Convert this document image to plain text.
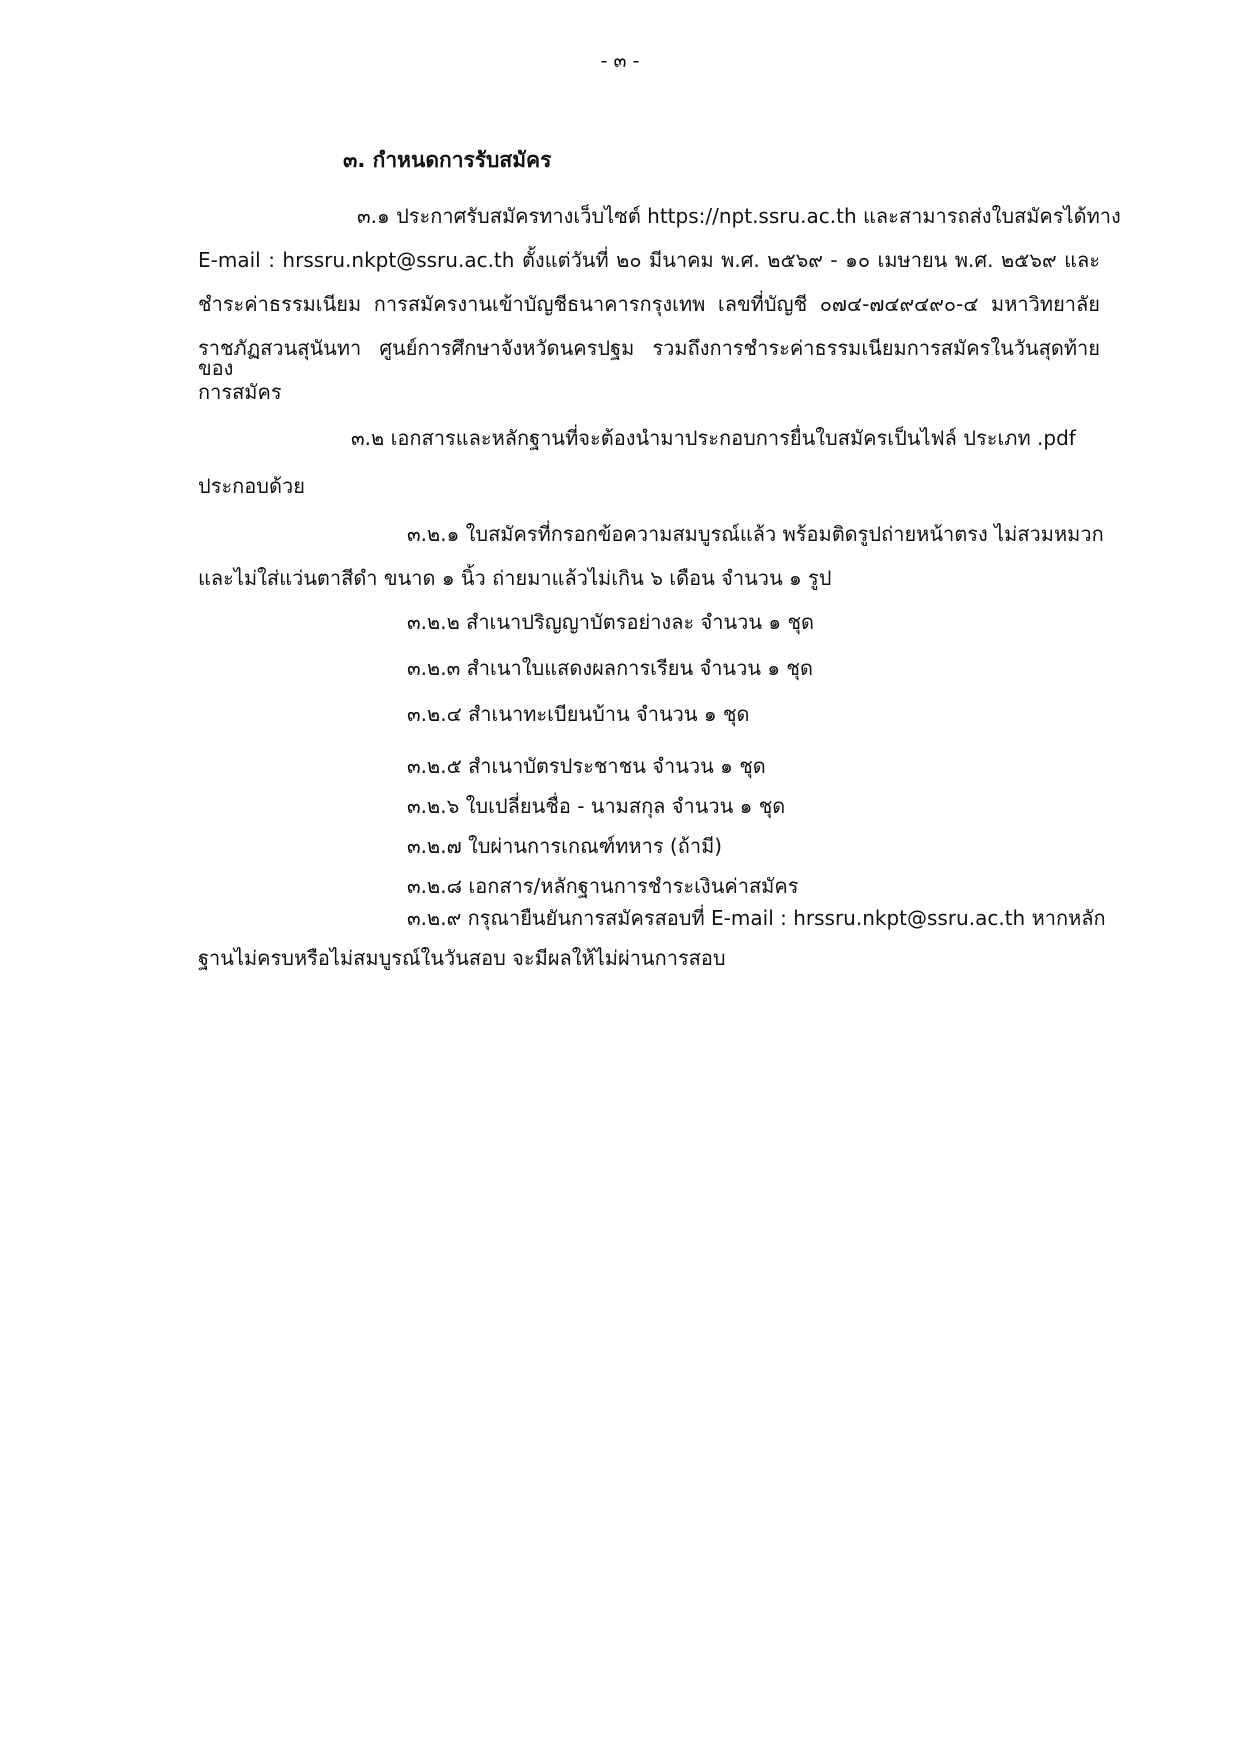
- ๓ -
๓. กำหนดการรับสมัคร
๓.๑ ประกาศรับสมัครทางเว็บไซต์ https://npt.ssru.ac.th และสามารถส่งใบสมัครได้ทาง
E-mail : hrssru.nkpt@ssru.ac.th ตั้งแต่วันที่ ๒๐ มีนาคม พ.ศ. ๒๕๖๙ - ๑๐ เมษายน พ.ศ. ๒๕๖๙ และ
ชำระค่าธรรมเนียม การสมัครงานเข้าบัญชีธนาคารกรุงเทพ เลขที่บัญชี ๐๗๔-๗๔๙๔๙๐-๔ มหาวิทยาลัย
ราชภัฏสวนสุนันทา ศูนย์การศึกษาจังหวัดนครปฐม รวมถึงการชำระค่าธรรมเนียมการสมัครในวันสุดท้ายของ
การสมัคร
๓.๒ เอกสารและหลักฐานที่จะต้องนำมาประกอบการยื่นใบสมัครเป็นไฟล์ ประเภท .pdf
ประกอบด้วย
๓.๒.๑ ใบสมัครที่กรอกข้อความสมบูรณ์แล้ว พร้อมติดรูปถ่ายหน้าตรง ไม่สวมหมวก
และไม่ใส่แว่นตาสีดำ ขนาด ๑ นิ้ว ถ่ายมาแล้วไม่เกิน ๖ เดือน จำนวน ๑ รูป
๓.๒.๒ สำเนาปริญญาบัตรอย่างละ จำนวน ๑ ชุด
๓.๒.๓ สำเนาใบแสดงผลการเรียน จำนวน ๑ ชุด
๓.๒.๔ สำเนาทะเบียนบ้าน จำนวน ๑ ชุด
๓.๒.๕ สำเนาบัตรประชาชน จำนวน ๑ ชุด
๓.๒.๖ ใบเปลี่ยนชื่อ - นามสกุล จำนวน ๑ ชุด
๓.๒.๗ ใบผ่านการเกณฑ์ทหาร (ถ้ามี)
๓.๒.๘ เอกสาร/หลักฐานการชำระเงินค่าสมัคร
๓.๒.๙ กรุณายืนยันการสมัครสอบที่ E-mail : hrssru.nkpt@ssru.ac.th หากหลัก
ฐานไม่ครบหรือไม่สมบูรณ์ในวันสอบ จะมีผลให้ไม่ผ่านการสอบ
